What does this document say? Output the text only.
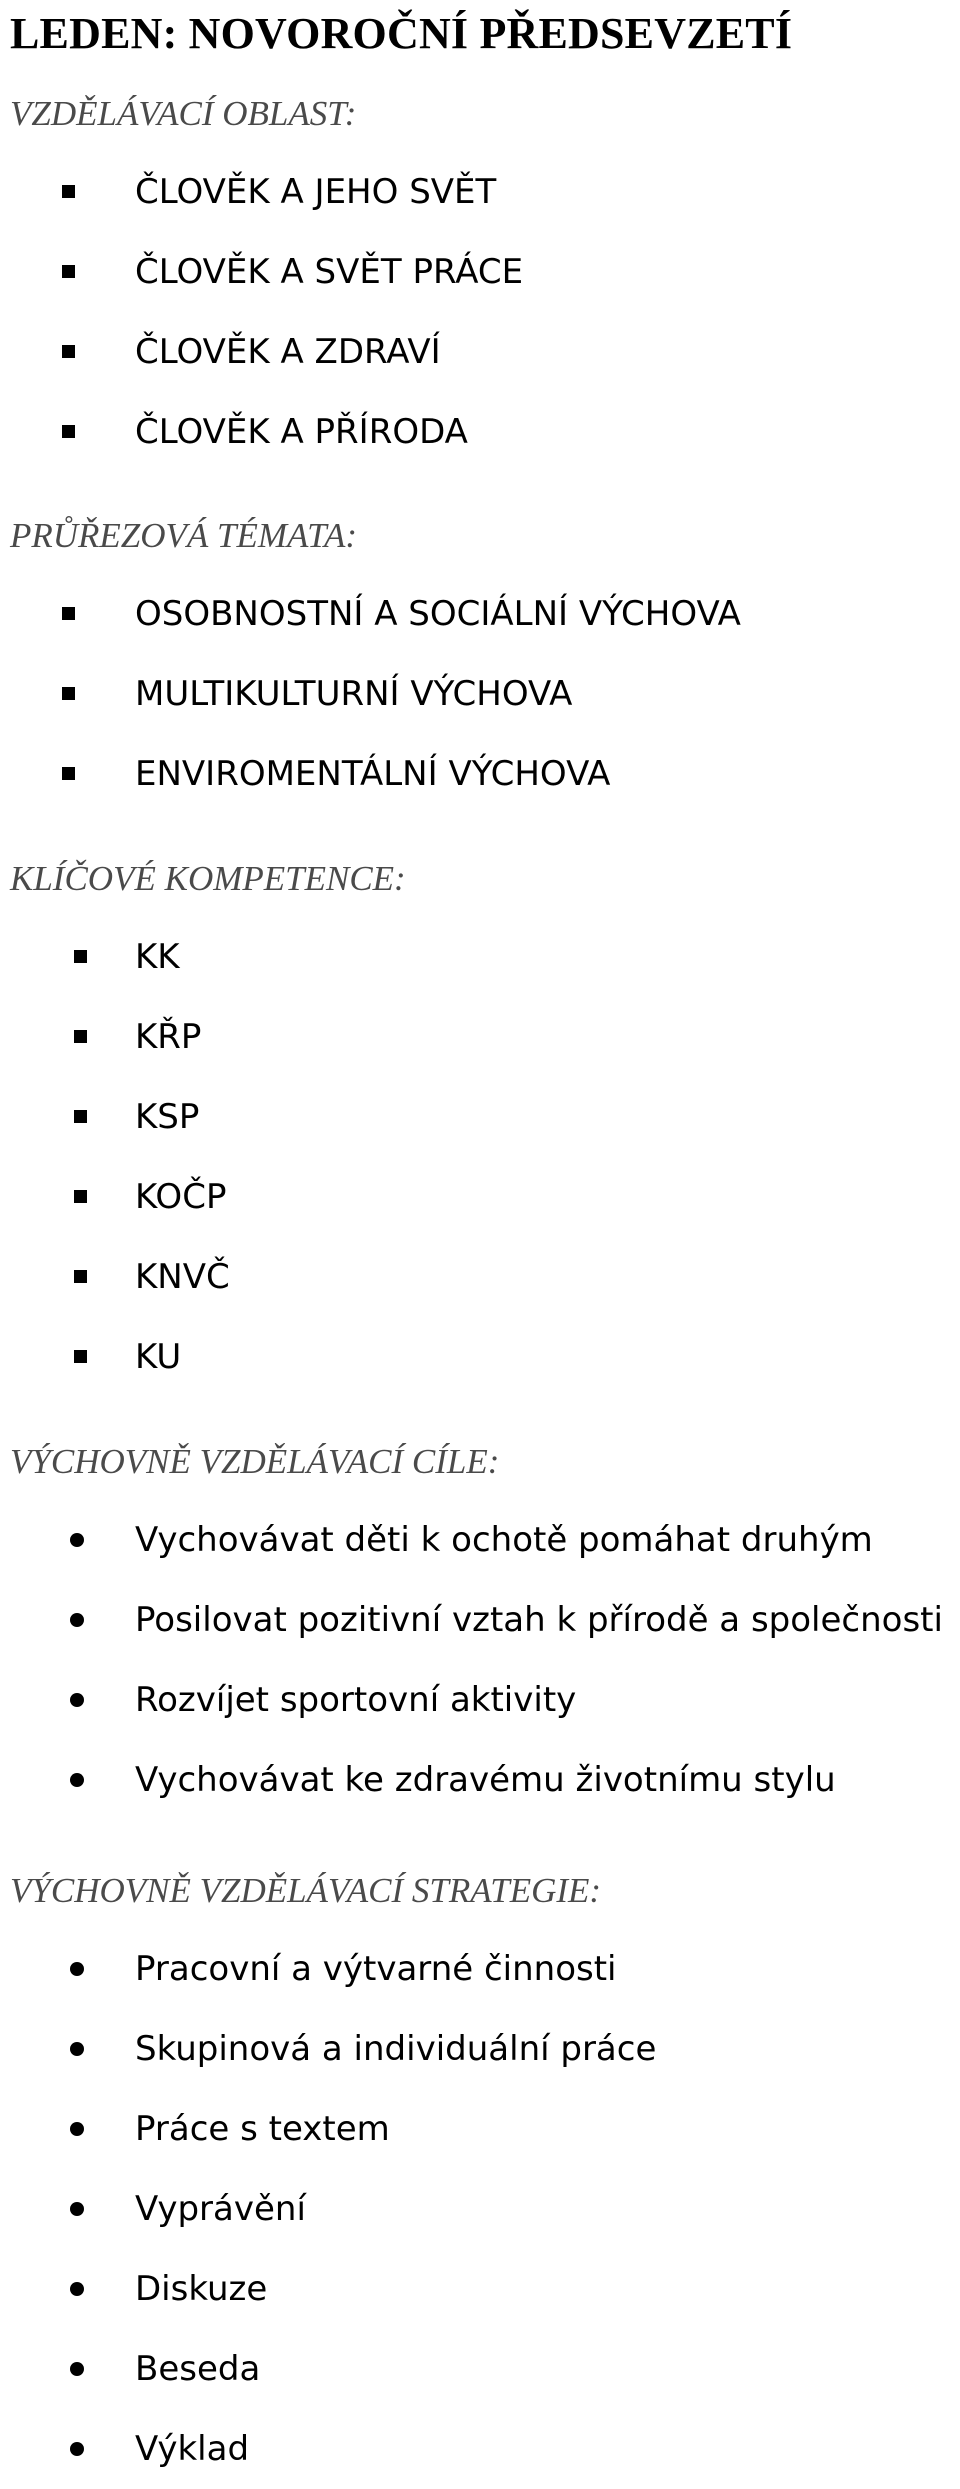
LEDEN: NOVOROČNÍ PŘEDSEVZETÍ
VZDĚLÁVACÍ OBLAST:
ČLOVĚK A JEHO SVĚT
ČLOVĚK A SVĚT PRÁCE
ČLOVĚK A ZDRAVÍ
ČLOVĚK A PŘÍRODA
PRŮŘEZOVÁ TÉMATA:
OSOBNOSTNÍ A SOCIÁLNÍ VÝCHOVA
MULTIKULTURNÍ VÝCHOVA
ENVIROMENTÁLNÍ VÝCHOVA
KLÍČOVÉ KOMPETENCE:
KK
KŘP
KSP
KOČP
KNVČ
KU
VÝCHOVNĚ VZDĚLÁVACÍ CÍLE:
Vychovávat děti k ochotě pomáhat druhým
Posilovat pozitivní vztah k přírodě a společnosti
Rozvíjet sportovní aktivity
Vychovávat ke zdravému životnímu stylu
VÝCHOVNĚ VZDĚLÁVACÍ STRATEGIE:
Pracovní a výtvarné činnosti
Skupinová a individuální práce
Práce s textem
Vyprávění
Diskuze
Beseda
Výklad
